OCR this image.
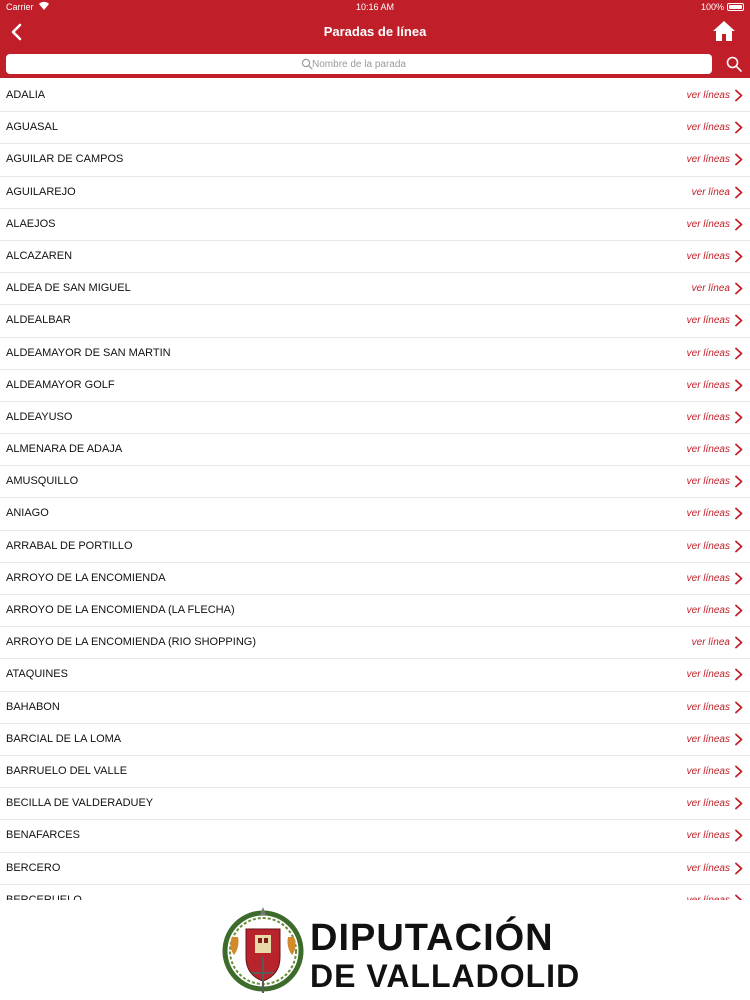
Carrier	10:16 AM	100%
Paradas de línea
Nombre de la parada
ADALIA	ver líneas
AGUASAL	ver líneas
AGUILAR DE CAMPOS	ver líneas
AGUILAREJO	ver línea
ALAEJOS	ver líneas
ALCAZAREN	ver líneas
ALDEA DE SAN MIGUEL	ver línea
ALDEALBAR	ver líneas
ALDEAMAYOR DE SAN MARTIN	ver líneas
ALDEAMAYOR GOLF	ver líneas
ALDEAYUSO	ver líneas
ALMENARA DE ADAJA	ver líneas
AMUSQUILLO	ver líneas
ANIAGO	ver líneas
ARRABAL DE PORTILLO	ver líneas
ARROYO DE LA ENCOMIENDA	ver líneas
ARROYO DE LA ENCOMIENDA (LA FLECHA)	ver líneas
ARROYO DE LA ENCOMIENDA (RIO SHOPPING)	ver línea
ATAQUINES	ver líneas
BAHABON	ver líneas
BARCIAL DE LA LOMA	ver líneas
BARRUELO DEL VALLE	ver líneas
BECILLA DE VALDERADUEY	ver líneas
BENAFARCES	ver líneas
BERCERO	ver líneas
DIPUTACIÓN
DE VALLADOLID
